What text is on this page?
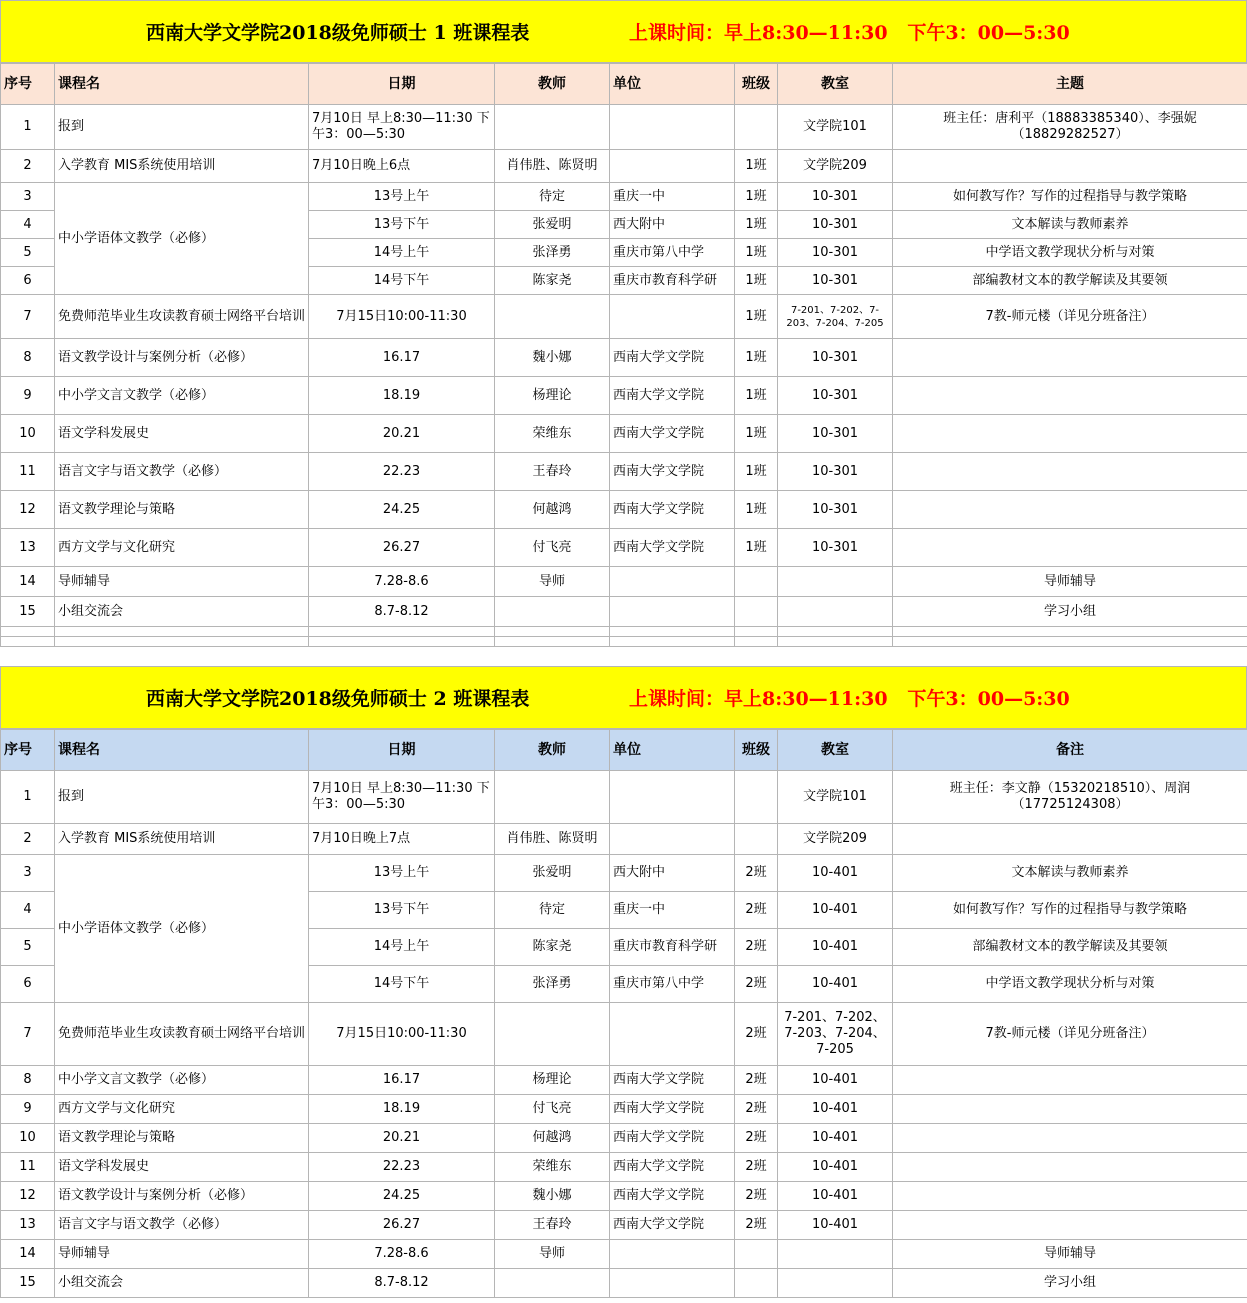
西南大学文学院2018级免师硕士 1 班课程表	上课时间：早上8:30—11:30   下午3：00—5:30
序号	课程名	日期	教师	单位	班级	教室	主题
1	报到	7月10日 早上8:30—11:30 下午3：00—5:30				文学院101	班主任：唐利平（18883385340）、李强妮（18829282527）
2	入学教育 MIS系统使用培训	7月10日晚上6点	肖伟胜、陈贤明		1班	文学院209	
3	中小学语体文教学（必修）	13号上午	待定	重庆一中	1班	10-301	如何教写作？写作的过程指导与教学策略
4		13号下午	张爱明	西大附中	1班	10-301	文本解读与教师素养
5		14号上午	张泽勇	重庆市第八中学	1班	10-301	中学语文教学现状分析与对策
6		14号下午	陈家尧	重庆市教育科学研	1班	10-301	部编教材文本的教学解读及其要领
7	免费师范毕业生攻读教育硕士网络平台培训	7月15日10:00-11:30			1班	7-201、7-202、7-203、7-204、7-205	7教-师元楼（详见分班备注）
8	语文教学设计与案例分析（必修）	16.17	魏小娜	西南大学文学院	1班	10-301	
9	中小学文言文教学（必修）	18.19	杨理论	西南大学文学院	1班	10-301	
10	语文学科发展史	20.21	荣维东	西南大学文学院	1班	10-301	
11	语言文字与语文教学（必修）	22.23	王春玲	西南大学文学院	1班	10-301	
12	语文教学理论与策略	24.25	何越鸿	西南大学文学院	1班	10-301	
13	西方文学与文化研究	26.27	付飞亮	西南大学文学院	1班	10-301	
14	导师辅导	7.28-8.6	导师				导师辅导
15	小组交流会	8.7-8.12					学习小组

西南大学文学院2018级免师硕士 2 班课程表	上课时间：早上8:30—11:30   下午3：00—5:30
序号	课程名	日期	教师	单位	班级	教室	备注
1	报到	7月10日 早上8:30—11:30 下午3：00—5:30				文学院101	班主任：李文静（15320218510）、周润（17725124308）
2	入学教育 MIS系统使用培训	7月10日晚上7点	肖伟胜、陈贤明			文学院209	
3	中小学语体文教学（必修）	13号上午	张爱明	西大附中	2班	10-401	文本解读与教师素养
4		13号下午	待定	重庆一中	2班	10-401	如何教写作？写作的过程指导与教学策略
5		14号上午	陈家尧	重庆市教育科学研	2班	10-401	部编教材文本的教学解读及其要领
6		14号下午	张泽勇	重庆市第八中学	2班	10-401	中学语文教学现状分析与对策
7	免费师范毕业生攻读教育硕士网络平台培训	7月15日10:00-11:30			2班	7-201、7-202、7-203、7-204、7-205	7教-师元楼（详见分班备注）
8	中小学文言文教学（必修）	16.17	杨理论	西南大学文学院	2班	10-401	
9	西方文学与文化研究	18.19	付飞亮	西南大学文学院	2班	10-401	
10	语文教学理论与策略	20.21	何越鸿	西南大学文学院	2班	10-401	
11	语文学科发展史	22.23	荣维东	西南大学文学院	2班	10-401	
12	语文教学设计与案例分析（必修）	24.25	魏小娜	西南大学文学院	2班	10-401	
13	语言文字与语文教学（必修）	26.27	王春玲	西南大学文学院	2班	10-401	
14	导师辅导	7.28-8.6	导师				导师辅导
15	小组交流会	8.7-8.12					学习小组
